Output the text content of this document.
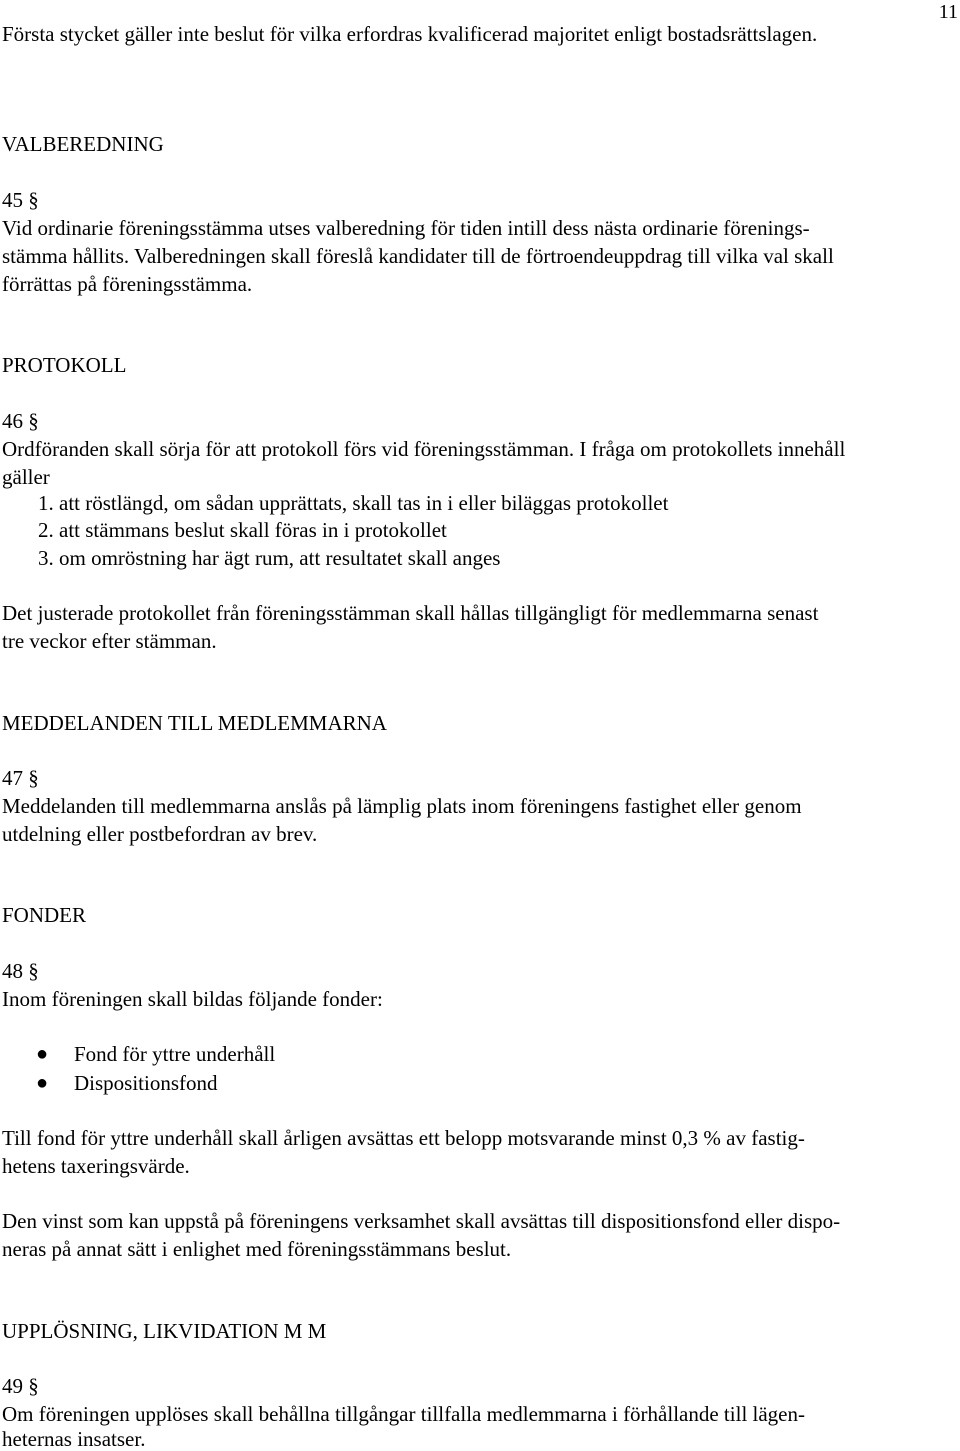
11
Första stycket gäller inte beslut för vilka erfordras kvalificerad majoritet enligt bostadsrättslagen.
VALBEREDNING
45 §
Vid ordinarie föreningsstämma utses valberedning för tiden intill dess nästa ordinarie förenings-
stämma hållits. Valberedningen skall föreslå kandidater till de förtroendeuppdrag till vilka val skall
förrättas på föreningsstämma.
PROTOKOLL
46 §
Ordföranden skall sörja för att protokoll förs vid föreningsstämman. I fråga om protokollets innehåll
gäller
1. att röstlängd, om sådan upprättats, skall tas in i eller biläggas protokollet
2. att stämmans beslut skall föras in i protokollet
3. om omröstning har ägt rum, att resultatet skall anges
Det justerade protokollet från föreningsstämman skall hållas tillgängligt för medlemmarna senast
tre veckor efter stämman.
MEDDELANDEN TILL MEDLEMMARNA
47 §
Meddelanden till medlemmarna anslås på lämplig plats inom föreningens fastighet eller genom
utdelning eller postbefordran av brev.
FONDER
48 §
Inom föreningen skall bildas följande fonder:
● Fond för yttre underhåll
● Dispositionsfond
Till fond för yttre underhåll skall årligen avsättas ett belopp motsvarande minst 0,3 % av fastig-
hetens taxeringsvärde.
Den vinst som kan uppstå på föreningens verksamhet skall avsättas till dispositionsfond eller dispo-
neras på annat sätt i enlighet med föreningsstämmans beslut.
UPPLÖSNING, LIKVIDATION M M
49 §
Om föreningen upplöses skall behållna tillgångar tillfalla medlemmarna i förhållande till lägen-
heternas insatser.
